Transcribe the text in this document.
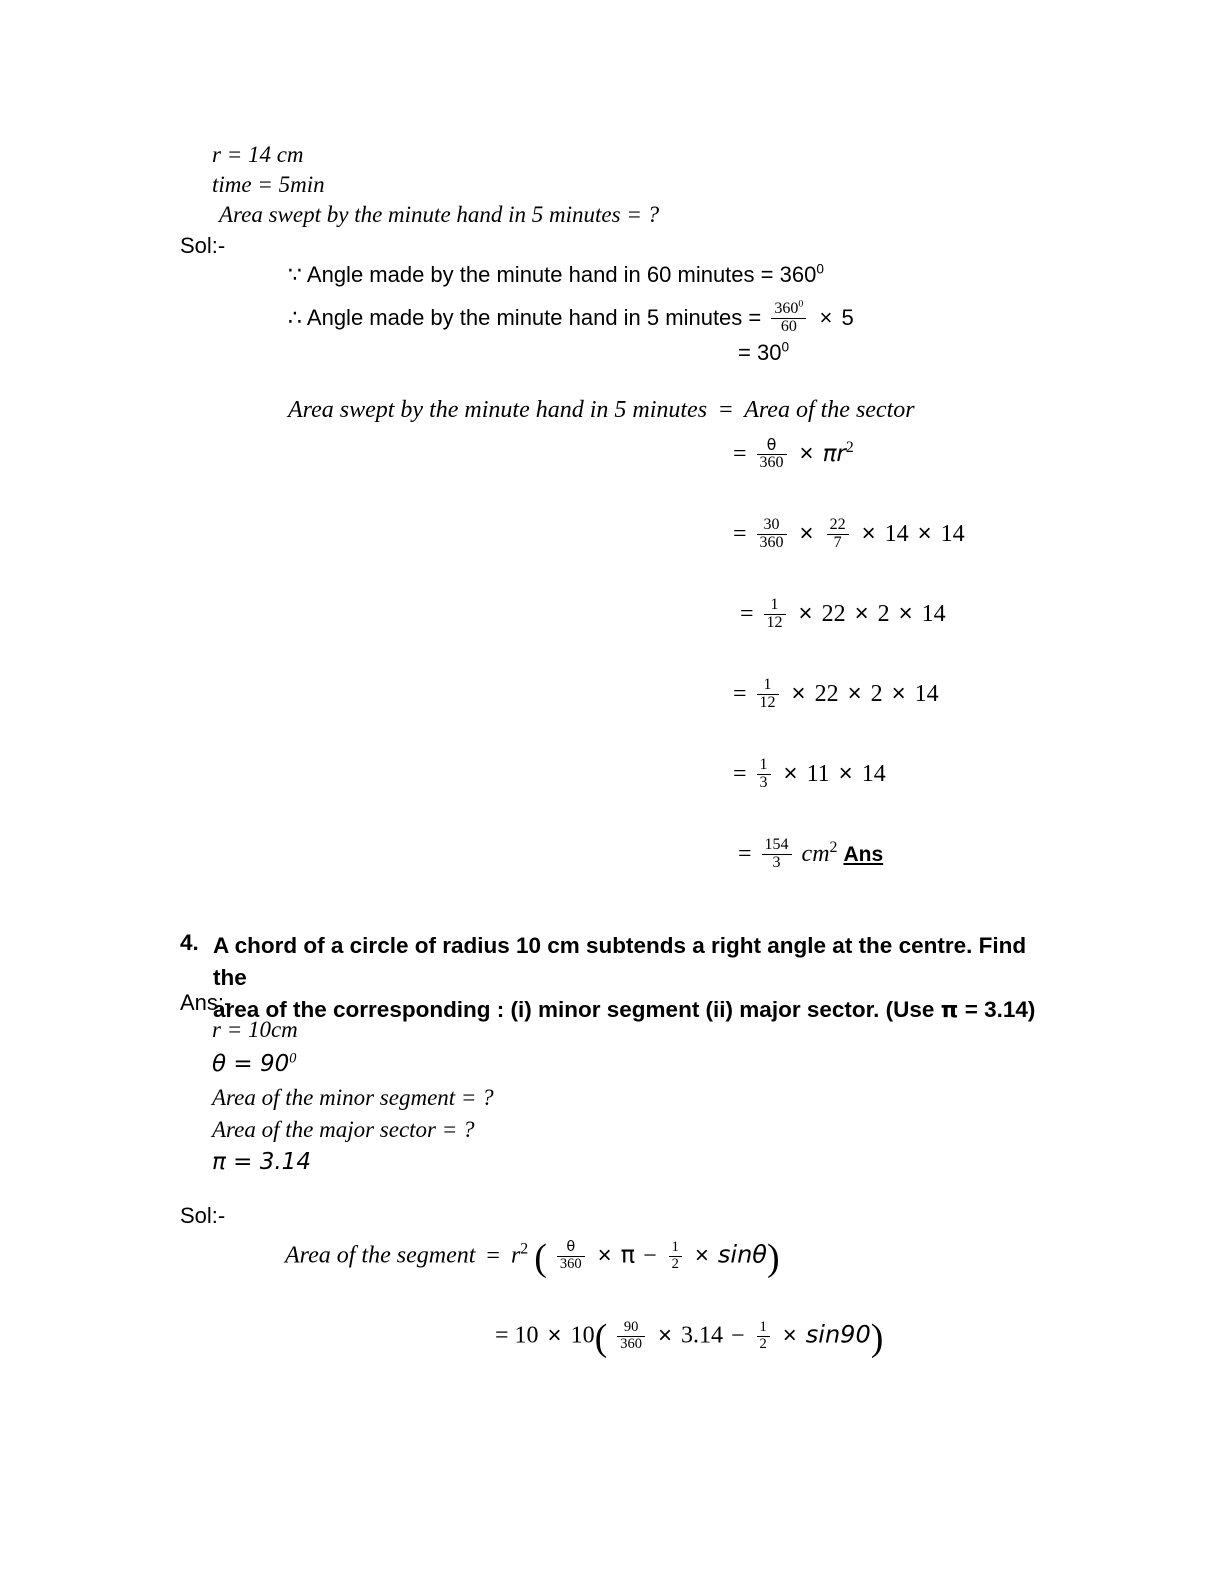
r = 14 cm
time = 5min
Area swept by the minute hand in 5 minutes = ?
Sol:-
∵ Angle made by the minute hand in 60 minutes = $360^0$
∴ Angle made by the minute hand in 5 minutes = $\frac{360^0}{60} \times 5$
= $30^0$
Area swept by the minute hand in 5 minutes = Area of the sector
= $\frac{\theta}{360} \times \pi r^2$
= $\frac{30}{360} \times \frac{22}{7} \times 14 \times 14$
= $\frac{1}{12} \times 22 \times 2 \times 14$
= $\frac{1}{12} \times 22 \times 2 \times 14$
= $\frac{1}{3} \times 11 \times 14$
= $\frac{154}{3} cm^2$ Ans
4. A chord of a circle of radius 10 cm subtends a right angle at the centre. Find the
area of the corresponding : (i) minor segment (ii) major sector. (Use π = 3.14)
Ans:-
r = 10cm
$\theta = 90^0$
Area of the minor segment = ?
Area of the major sector = ?
π = 3.14
Sol:-
Area of the segment = $r^2$ ( $\frac{\theta}{360} \times \pi - \frac{1}{2} \times \sin\theta$)
= $10 \times 10( \frac{90}{360} \times 3.14 - \frac{1}{2} \times \sin 90)$
